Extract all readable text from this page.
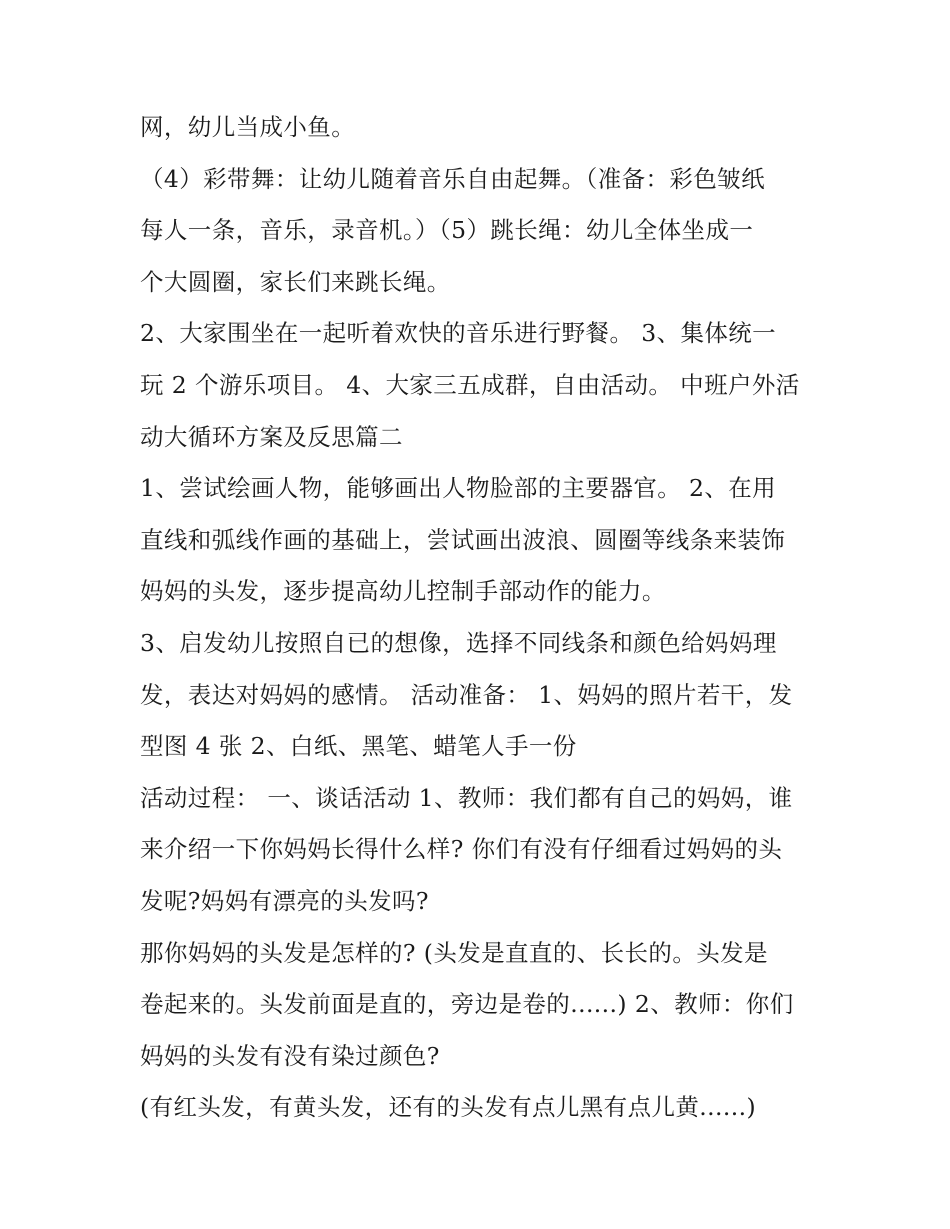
网，幼儿当成小鱼。
（4）彩带舞：让幼儿随着音乐自由起舞。（准备：彩色皱纸
每人一条，音乐，录音机。）（5）跳长绳：幼儿全体坐成一
个大圆圈，家长们来跳长绳。
2、大家围坐在一起听着欢快的音乐进行野餐。 3、集体统一
玩 2 个游乐项目。 4、大家三五成群，自由活动。 中班户外活
动大循环方案及反思篇二
1、尝试绘画人物，能够画出人物脸部的主要器官。 2、在用
直线和弧线作画的基础上，尝试画出波浪、圆圈等线条来装饰
妈妈的头发，逐步提高幼儿控制手部动作的能力。
3、启发幼儿按照自已的想像，选择不同线条和颜色给妈妈理
发，表达对妈妈的感情。 活动准备： 1、妈妈的照片若干，发
型图 4 张 2、白纸、黑笔、蜡笔人手一份
活动过程： 一、谈话活动 1、教师：我们都有自己的妈妈，谁
来介绍一下你妈妈长得什么样? 你们有没有仔细看过妈妈的头
发呢?妈妈有漂亮的头发吗?
那你妈妈的头发是怎样的? (头发是直直的、长长的。头发是
卷起来的。头发前面是直的，旁边是卷的......) 2、教师：你们
妈妈的头发有没有染过颜色?
(有红头发，有黄头发，还有的头发有点儿黑有点儿黄......)
